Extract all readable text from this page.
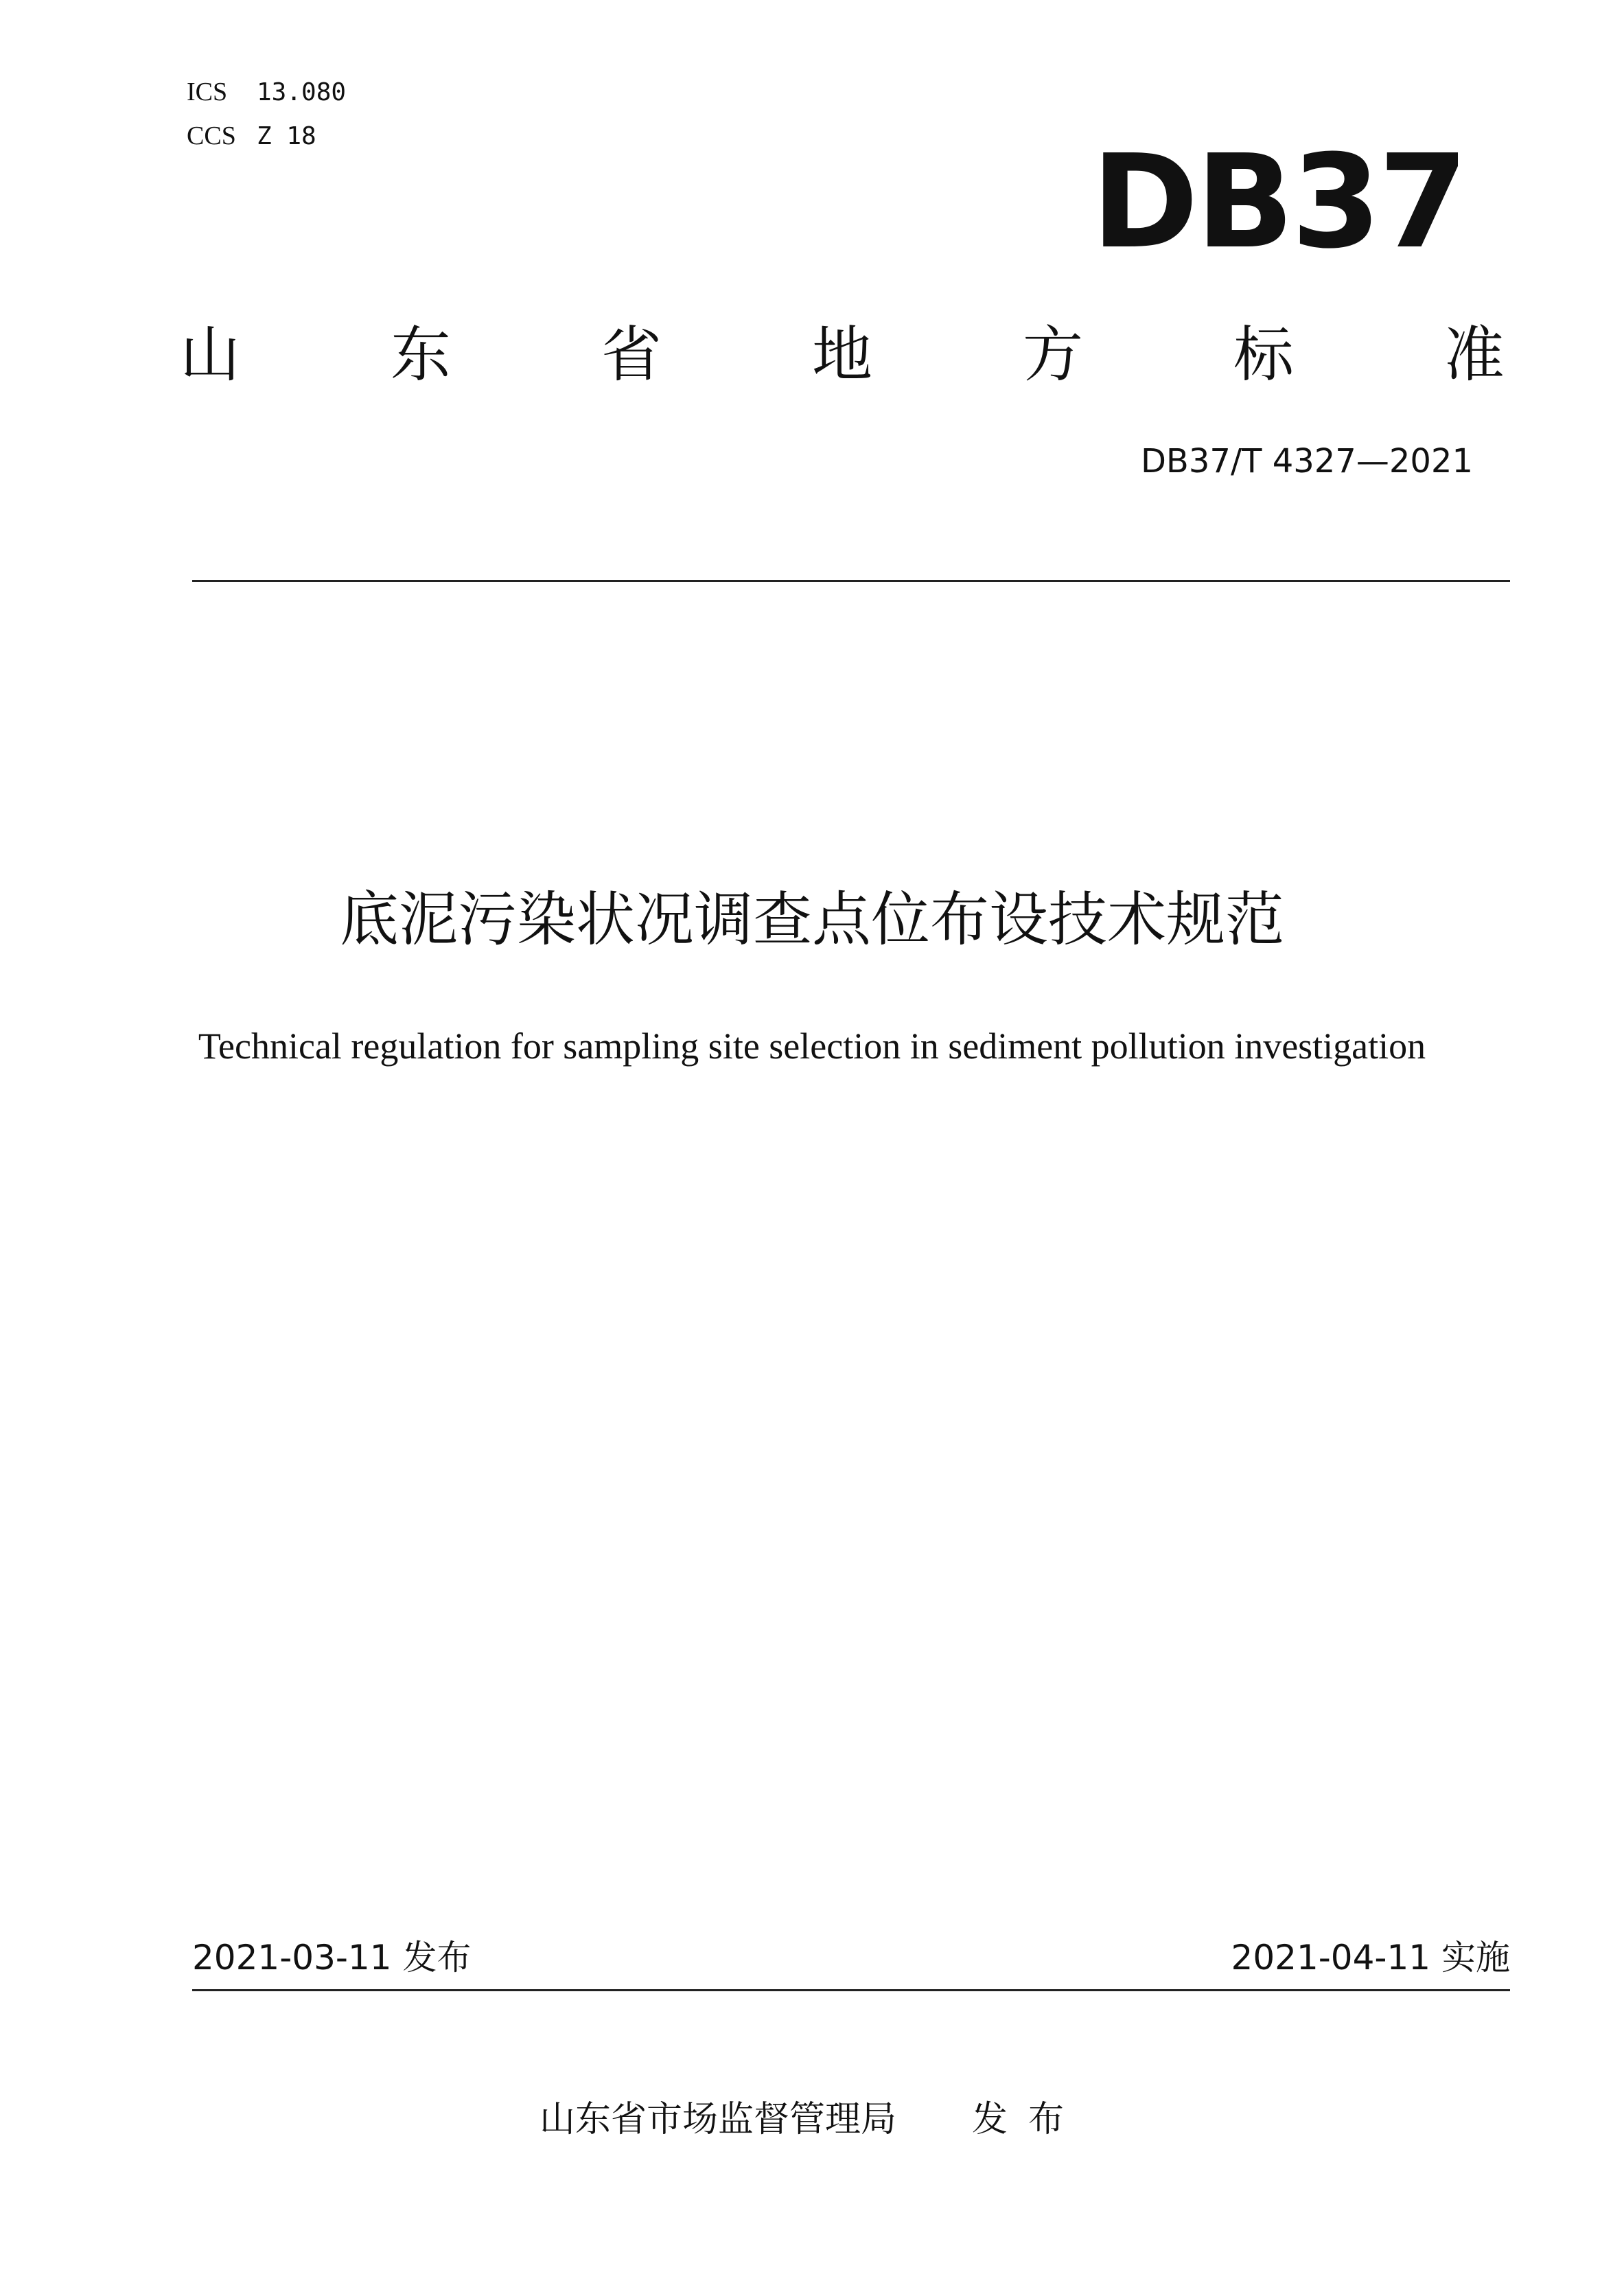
ICS 13.080
CCS Z 18	DB37
山 东 省 地 方 标 准
DB37/T 4327—2021
底泥污染状况调查点位布设技术规范
Technical regulation for sampling site selection in sediment pollution investigation
2021-03-11 发布	2021-04-11 实施
山东省市场监督管理局 发布
